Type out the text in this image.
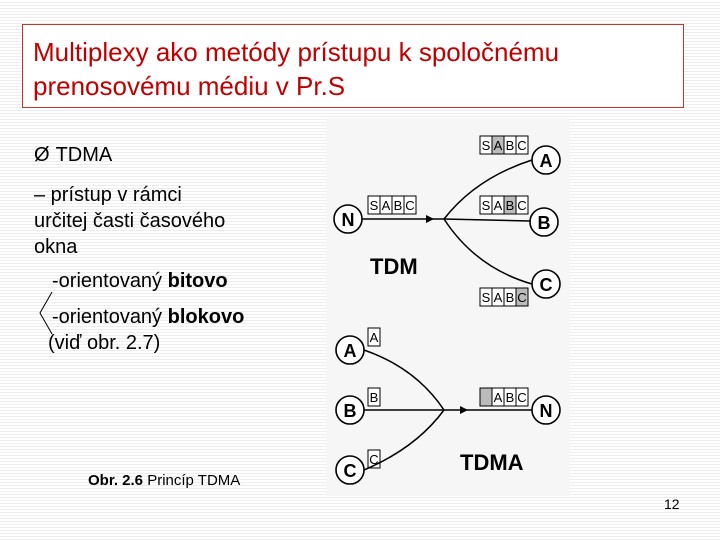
Multiplexy ako metódy prístupu k spoločnému
prenosovému médiu v Pr.S
Ø TDMA
– prístup v rámci
určitej časti časového
okna
-orientovaný bitovo
-orientovaný blokovo
(viď obr. 2.7)
N
S A B C
S A B C
S A B C
S A B C
A
B
C
TDM
A
B
C
A
B
C
A B C
N
TDMA
Obr. 2.6 Princíp TDMA
12
